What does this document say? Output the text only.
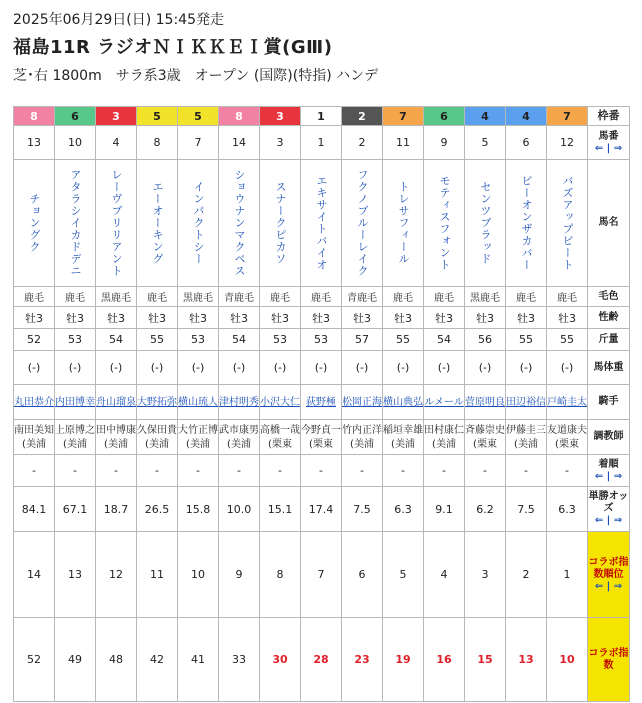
2025年06月29日(日) 15:45発走
福島11R ラジオＮＩＫＫＥＩ賞(GⅢ)
芝･右 1800m　サラ系3歳　オープン (国際)(特指) ハンデ
8	6	3	5	5	8	3	1	2	7	6	4	4	7	枠番
13	10	4	8	7	14	3	1	2	11	9	5	6	12	馬番
⇐ | ⇒

チョングク	アタラシイカドデニ	レーヴブリリアント	エーオーキング	インパクトシー	ショウナンマクベス	スナークピカソ	エキサイトバイオ	フクノブルーレイク	トレサフィール	モティスフォント	センツブラッド	ビーオンザカバー	バズアップビート	馬名
鹿毛	鹿毛	黒鹿毛	鹿毛	黒鹿毛	青鹿毛	鹿毛	鹿毛	青鹿毛	鹿毛	鹿毛	黒鹿毛	鹿毛	鹿毛	毛色
牡3	牡3	牡3	牡3	牡3	牡3	牡3	牡3	牡3	牡3	牡3	牡3	牡3	牡3	性齢
52	53	54	55	53	54	53	53	57	55	54	56	55	55	斤量
(-)	(-)	(-)	(-)	(-)	(-)	(-)	(-)	(-)	(-)	(-)	(-)	(-)	(-)	馬体重
丸田恭介	内田博幸	舟山瑠泉	大野拓弥	横山琉人	津村明秀	小沢大仁	荻野極	松岡正海	横山典弘	ルメール	菅原明良	田辺裕信	戸崎圭太	騎手
南田美知(美浦	上原博之(美浦	田中博康(美浦	久保田貴(美浦	大竹正博(美浦	武市康男(美浦	高橋一哉(栗東	今野貞一(栗東	竹内正洋(美浦	稲垣幸雄(美浦	田村康仁(美浦	斉藤崇史(栗東	伊藤圭三(美浦	友道康夫(栗東	調教師
-	-	-	-	-	-	-	-	-	-	-	-	-	-	着順
⇐ | ⇒
84.1	67.1	18.7	26.5	15.8	10.0	15.1	17.4	7.5	6.3	9.1	6.2	7.5	6.3	単勝オッズ
⇐ | ⇒
14	13	12	11	10	9	8	7	6	5	4	3	2	1	コラボ指数順位
⇐ | ⇒
52	49	48	42	41	33	30	28	23	19	16	15	13	10	コラボ指数
